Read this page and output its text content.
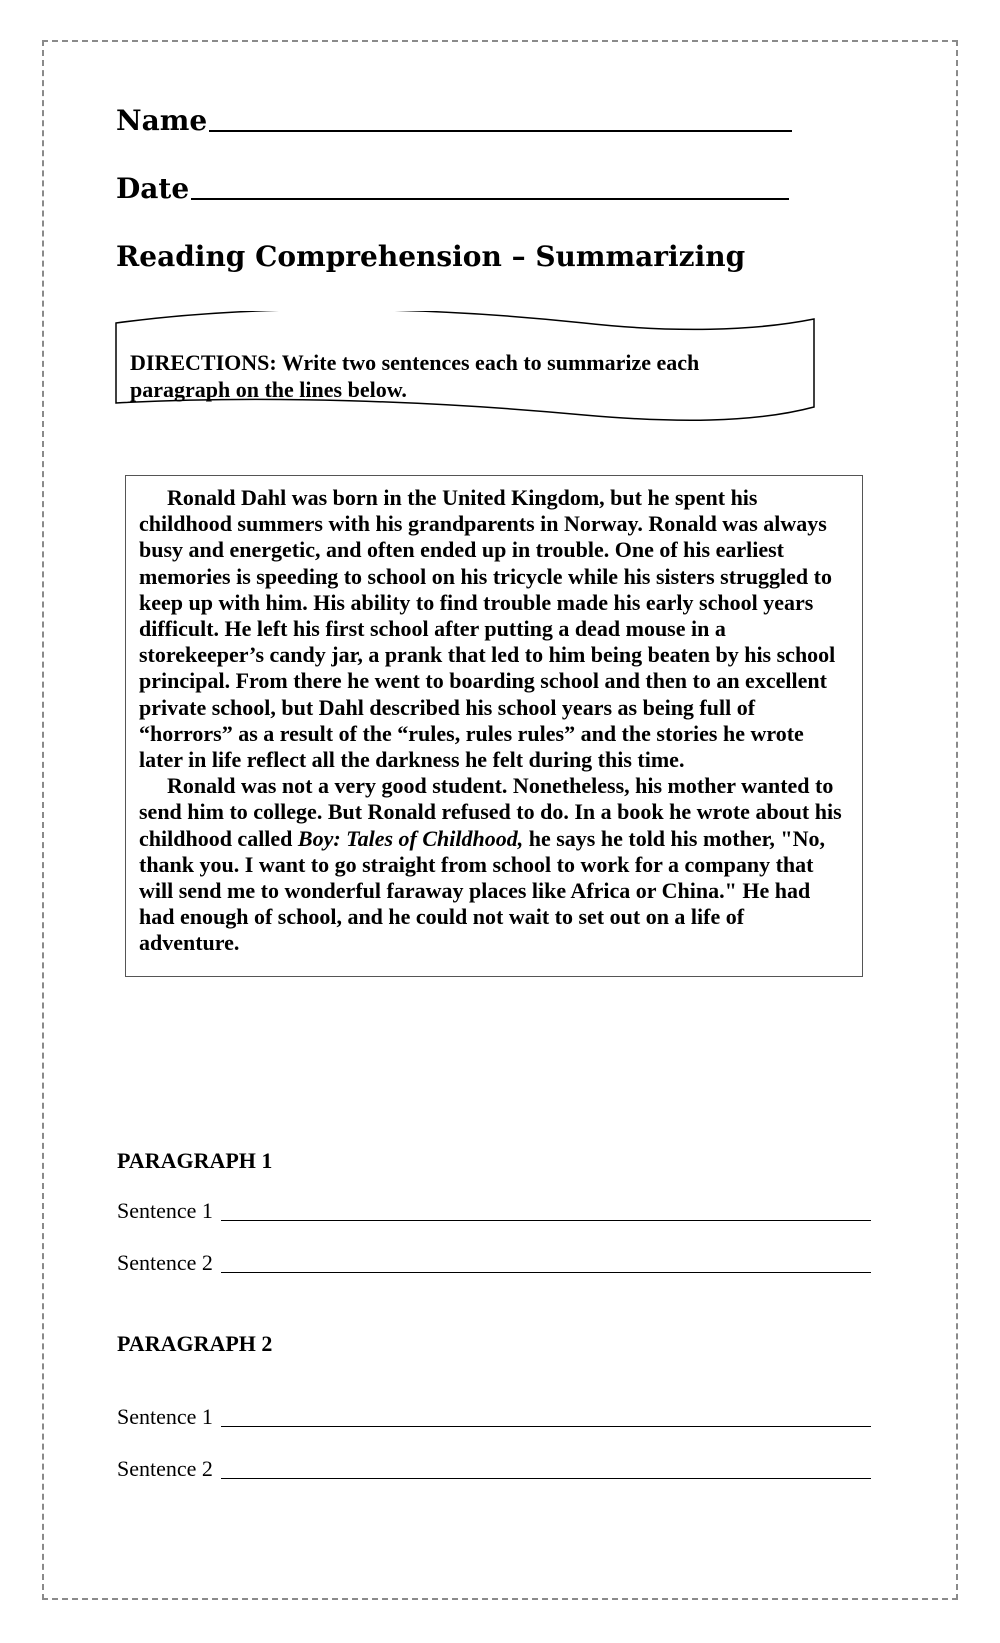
Name
Date
Reading Comprehension – Summarizing
DIRECTIONS: Write two sentences each to summarize each paragraph on the lines below.

Ronald Dahl was born in the United Kingdom, but he spent his childhood summers with his grandparents in Norway. Ronald was always busy and energetic, and often ended up in trouble. One of his earliest memories is speeding to school on his tricycle while his sisters struggled to keep up with him. His ability to find trouble made his early school years difficult. He left his first school after putting a dead mouse in a storekeeper’s candy jar, a prank that led to him being beaten by his school principal. From there he went to boarding school and then to an excellent private school, but Dahl described his school years as being full of “horrors” as a result of the “rules, rules rules” and the stories he wrote later in life reflect all the darkness he felt during this time.

Ronald was not a very good student. Nonetheless, his mother wanted to send him to college. But Ronald refused to do. In a book he wrote about his childhood called Boy: Tales of Childhood, he says he told his mother, "No, thank you. I want to go straight from school to work for a company that will send me to wonderful faraway places like Africa or China." He had had enough of school, and he could not wait to set out on a life of adventure.

PARAGRAPH 1
Sentence 1
Sentence 2
PARAGRAPH 2
Sentence 1
Sentence 2
